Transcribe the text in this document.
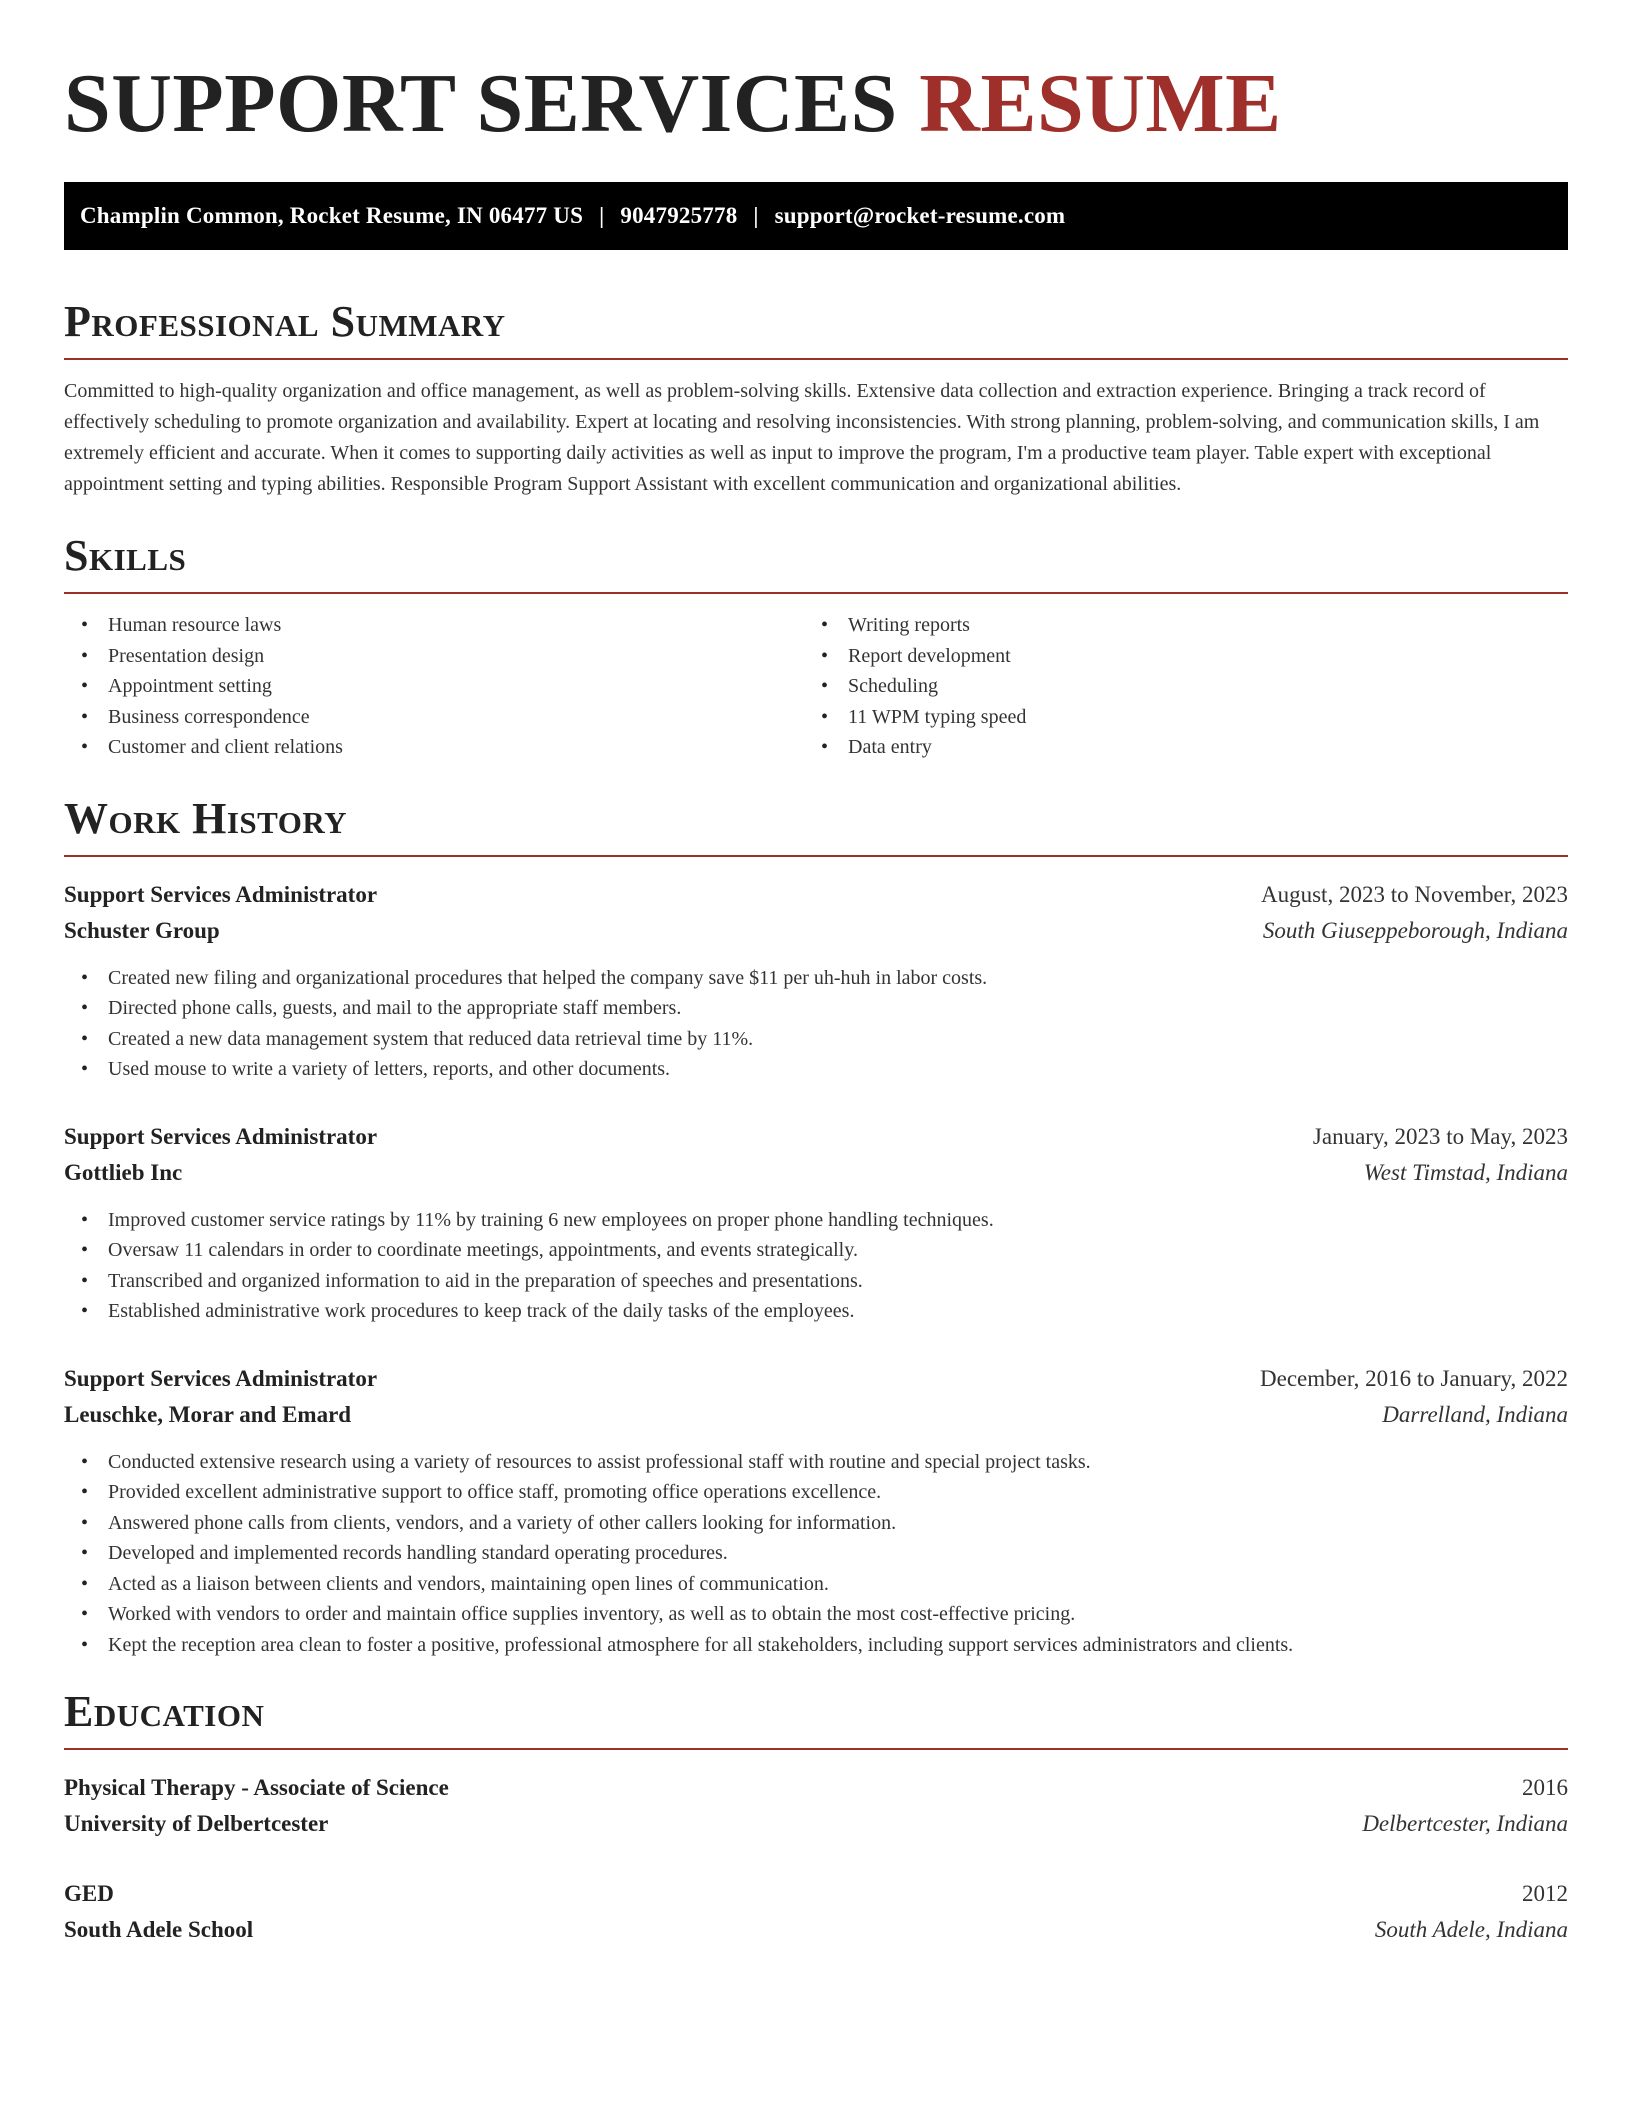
SUPPORT SERVICES RESUME
Champlin Common, Rocket Resume, IN 06477 US | 9047925778 | support@rocket-resume.com
Professional Summary

Committed to high-quality organization and office management, as well as problem-solving skills. Extensive data collection and extraction experience. Bringing a track record of effectively scheduling to promote organization and availability. Expert at locating and resolving inconsistencies. With strong planning, problem-solving, and communication skills, I am extremely efficient and accurate. When it comes to supporting daily activities as well as input to improve the program, I'm a productive team player. Table expert with exceptional appointment setting and typing abilities. Responsible Program Support Assistant with excellent communication and organizational abilities.

Skills
• Human resource laws
• Presentation design
• Appointment setting
• Business correspondence
• Customer and client relations
• Writing reports
• Report development
• Scheduling
• 11 WPM typing speed
• Data entry
Work History
Support Services Administrator	August, 2023 to November, 2023
Schuster Group	South Giuseppeborough, Indiana
• Created new filing and organizational procedures that helped the company save $11 per uh-huh in labor costs.
• Directed phone calls, guests, and mail to the appropriate staff members.
• Created a new data management system that reduced data retrieval time by 11%.
• Used mouse to write a variety of letters, reports, and other documents.
Support Services Administrator	January, 2023 to May, 2023
Gottlieb Inc	West Timstad, Indiana
• Improved customer service ratings by 11% by training 6 new employees on proper phone handling techniques.
• Oversaw 11 calendars in order to coordinate meetings, appointments, and events strategically.
• Transcribed and organized information to aid in the preparation of speeches and presentations.
• Established administrative work procedures to keep track of the daily tasks of the employees.
Support Services Administrator	December, 2016 to January, 2022
Leuschke, Morar and Emard	Darrelland, Indiana
• Conducted extensive research using a variety of resources to assist professional staff with routine and special project tasks.
• Provided excellent administrative support to office staff, promoting office operations excellence.
• Answered phone calls from clients, vendors, and a variety of other callers looking for information.
• Developed and implemented records handling standard operating procedures.
• Acted as a liaison between clients and vendors, maintaining open lines of communication.
• Worked with vendors to order and maintain office supplies inventory, as well as to obtain the most cost-effective pricing.
• Kept the reception area clean to foster a positive, professional atmosphere for all stakeholders, including support services administrators and clients.
Education
Physical Therapy - Associate of Science	2016
University of Delbertcester	Delbertcester, Indiana
GED	2012
South Adele School	South Adele, Indiana
